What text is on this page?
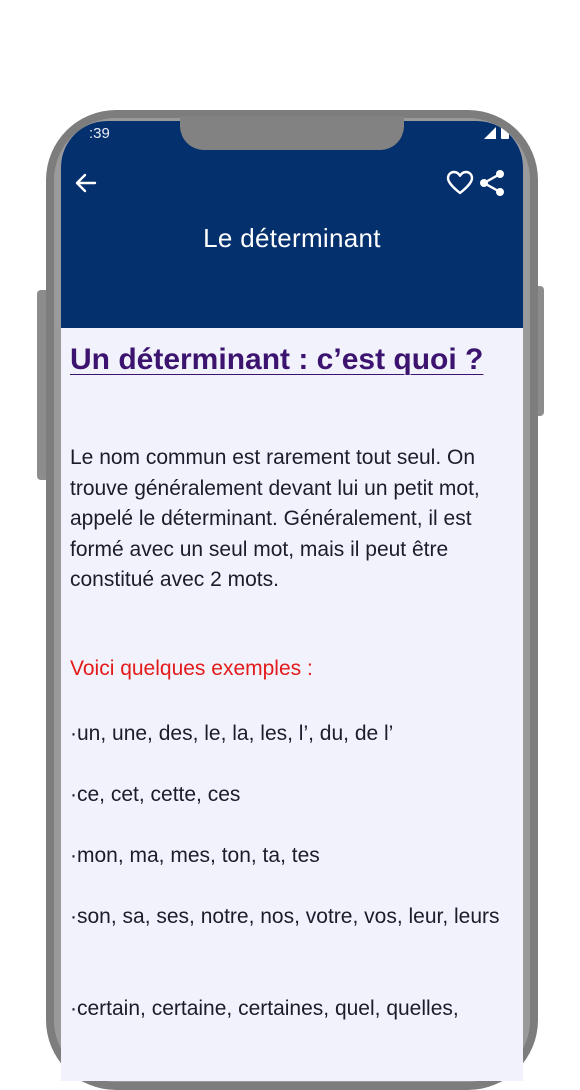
:39
Le déterminant
Un déterminant : c’est quoi ?

Le nom commun est rarement tout seul. On trouve généralement devant lui un petit mot, appelé le déterminant. Généralement, il est formé avec un seul mot, mais il peut être constitué avec 2 mots.

Voici quelques exemples :

·un, une, des, le, la, les, l’, du, de l’

·ce, cet, cette, ces

·mon, ma, mes, ton, ta, tes

·son, sa, ses, notre, nos, votre, vos, leur, leurs

·certain, certaine, certaines, quel, quelles,
